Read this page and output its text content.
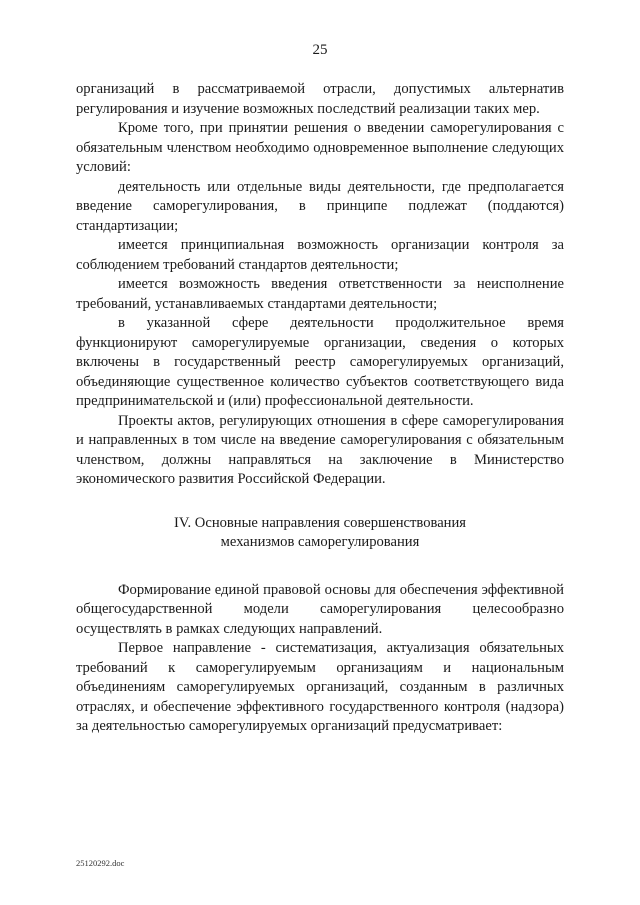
25

организаций в рассматриваемой отрасли, допустимых альтернатив регулирования и изучение возможных последствий реализации таких мер.

Кроме того, при принятии решения о введении саморегулирования с обязательным членством необходимо одновременное выполнение следующих условий:

деятельность или отдельные виды деятельности, где предполагается введение саморегулирования, в принципе подлежат (поддаются) стандартизации;

имеется принципиальная возможность организации контроля за соблюдением требований стандартов деятельности;

имеется возможность введения ответственности за неисполнение требований, устанавливаемых стандартами деятельности;

в указанной сфере деятельности продолжительное время функционируют саморегулируемые организации, сведения о которых включены в государственный реестр саморегулируемых организаций, объединяющие существенное количество субъектов соответствующего вида предпринимательской и (или) профессиональной деятельности.

Проекты актов, регулирующих отношения в сфере саморегулирования и направленных в том числе на введение саморегулирования с обязательным членством, должны направляться на заключение в Министерство экономического развития Российской Федерации.

IV. Основные направления совершенствования
механизмов саморегулирования

Формирование единой правовой основы для обеспечения эффективной общегосударственной модели саморегулирования целесообразно осуществлять в рамках следующих направлений.

Первое направление - систематизация, актуализация обязательных требований к саморегулируемым организациям и национальным объединениям саморегулируемых организаций, созданным в различных отраслях, и обеспечение эффективного государственного контроля (надзора) за деятельностью саморегулируемых организаций предусматривает:

25120292.doc
